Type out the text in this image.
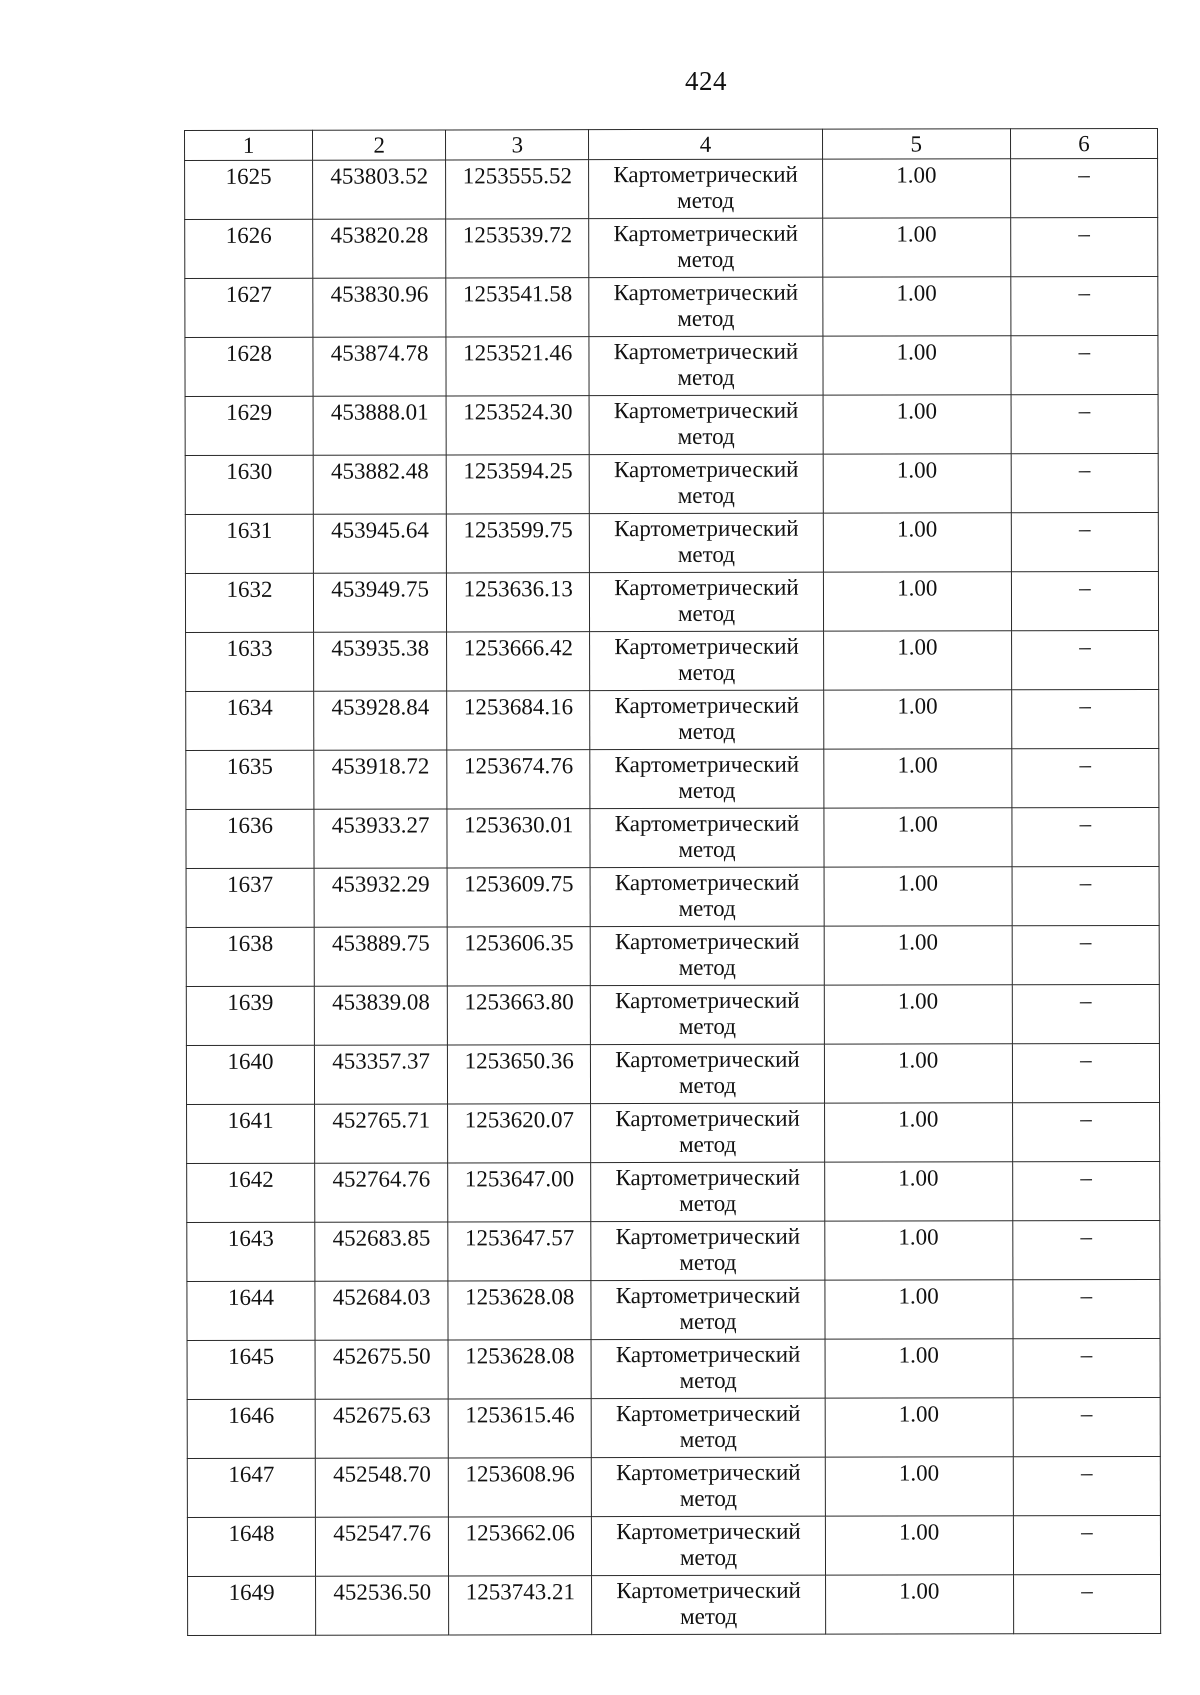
424
1	2	3	4	5	6
1625	453803.52	1253555.52	Картометрический метод	1.00	–
1626	453820.28	1253539.72	Картометрический метод	1.00	–
1627	453830.96	1253541.58	Картометрический метод	1.00	–
1628	453874.78	1253521.46	Картометрический метод	1.00	–
1629	453888.01	1253524.30	Картометрический метод	1.00	–
1630	453882.48	1253594.25	Картометрический метод	1.00	–
1631	453945.64	1253599.75	Картометрический метод	1.00	–
1632	453949.75	1253636.13	Картометрический метод	1.00	–
1633	453935.38	1253666.42	Картометрический метод	1.00	–
1634	453928.84	1253684.16	Картометрический метод	1.00	–
1635	453918.72	1253674.76	Картометрический метод	1.00	–
1636	453933.27	1253630.01	Картометрический метод	1.00	–
1637	453932.29	1253609.75	Картометрический метод	1.00	–
1638	453889.75	1253606.35	Картометрический метод	1.00	–
1639	453839.08	1253663.80	Картометрический метод	1.00	–
1640	453357.37	1253650.36	Картометрический метод	1.00	–
1641	452765.71	1253620.07	Картометрический метод	1.00	–
1642	452764.76	1253647.00	Картометрический метод	1.00	–
1643	452683.85	1253647.57	Картометрический метод	1.00	–
1644	452684.03	1253628.08	Картометрический метод	1.00	–
1645	452675.50	1253628.08	Картометрический метод	1.00	–
1646	452675.63	1253615.46	Картометрический метод	1.00	–
1647	452548.70	1253608.96	Картометрический метод	1.00	–
1648	452547.76	1253662.06	Картометрический метод	1.00	–
1649	452536.50	1253743.21	Картометрический метод	1.00	–
